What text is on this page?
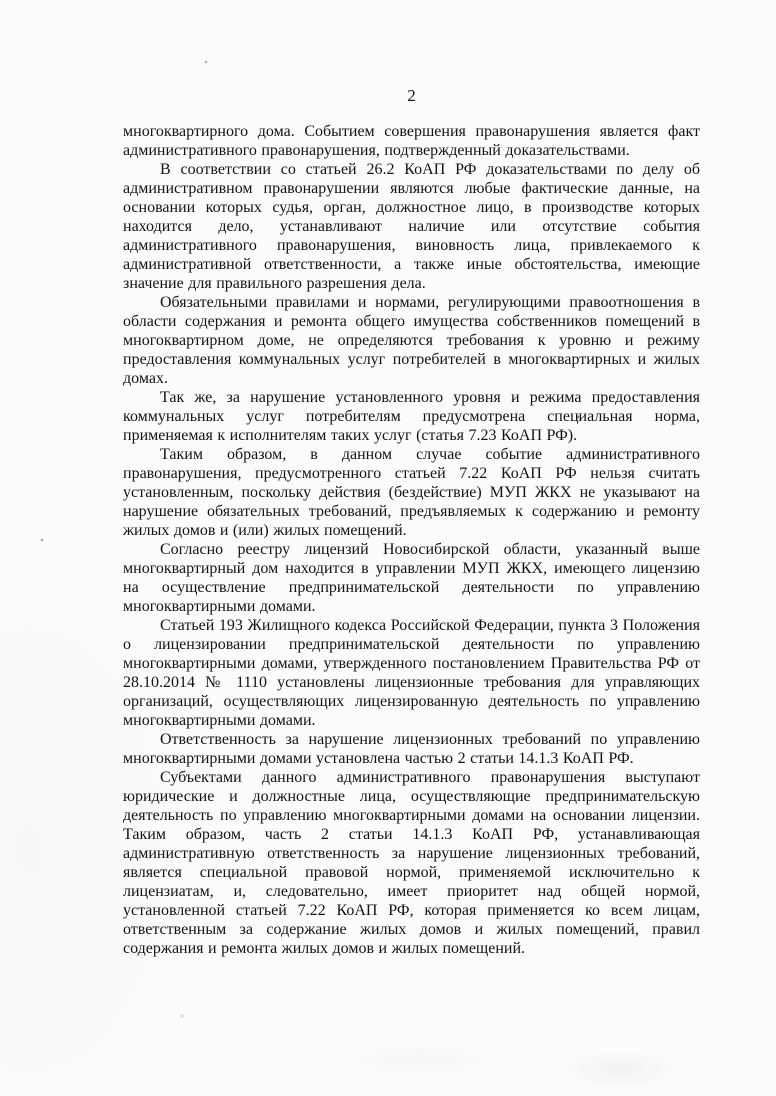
2

многоквартирного дома. Событием совершения правонарушения является факт административного правонарушения, подтвержденный доказательствами.

В соответствии со статьей 26.2 КоАП РФ доказательствами по делу об административном правонарушении являются любые фактические данные, на основании которых судья, орган, должностное лицо, в производстве которых находится дело, устанавливают наличие или отсутствие события административного правонарушения, виновность лица, привлекаемого к административной ответственности, а также иные обстоятельства, имеющие значение для правильного разрешения дела.

Обязательными правилами и нормами, регулирующими правоотношения в области содержания и ремонта общего имущества собственников помещений в многоквартирном доме, не определяются требования к уровню и режиму предоставления коммунальных услуг потребителей в многоквартирных и жилых домах.

Так же, за нарушение установленного уровня и режима предоставления коммунальных услуг потребителям предусмотрена специальная норма, применяемая к исполнителям таких услуг (статья 7.23 КоАП РФ).

Таким образом, в данном случае событие административного правонарушения, предусмотренного статьей 7.22 КоАП РФ нельзя считать установленным, поскольку действия (бездействие) МУП ЖКХ не указывают на нарушение обязательных требований, предъявляемых к содержанию и ремонту жилых домов и (или) жилых помещений.

Согласно реестру лицензий Новосибирской области, указанный выше многоквартирный дом находится в управлении МУП ЖКХ, имеющего лицензию на осуществление предпринимательской деятельности по управлению многоквартирными домами.

Статьей 193 Жилищного кодекса Российской Федерации, пункта 3 Положения о лицензировании предпринимательской деятельности по управлению многоквартирными домами, утвержденного постановлением Правительства РФ от 28.10.2014 № 1110 установлены лицензионные требования для управляющих организаций, осуществляющих лицензированную деятельность по управлению многоквартирными домами.

Ответственность за нарушение лицензионных требований по управлению многоквартирными домами установлена частью 2 статьи 14.1.3 КоАП РФ.

Субъектами данного административного правонарушения выступают юридические и должностные лица, осуществляющие предпринимательскую деятельность по управлению многоквартирными домами на основании лицензии. Таким образом, часть 2 статьи 14.1.3 КоАП РФ, устанавливающая административную ответственность за нарушение лицензионных требований, является специальной правовой нормой, применяемой исключительно к лицензиатам, и, следовательно, имеет приоритет над общей нормой, установленной статьей 7.22 КоАП РФ, которая применяется ко всем лицам, ответственным за содержание жилых домов и жилых помещений, правил содержания и ремонта жилых домов и жилых помещений.
